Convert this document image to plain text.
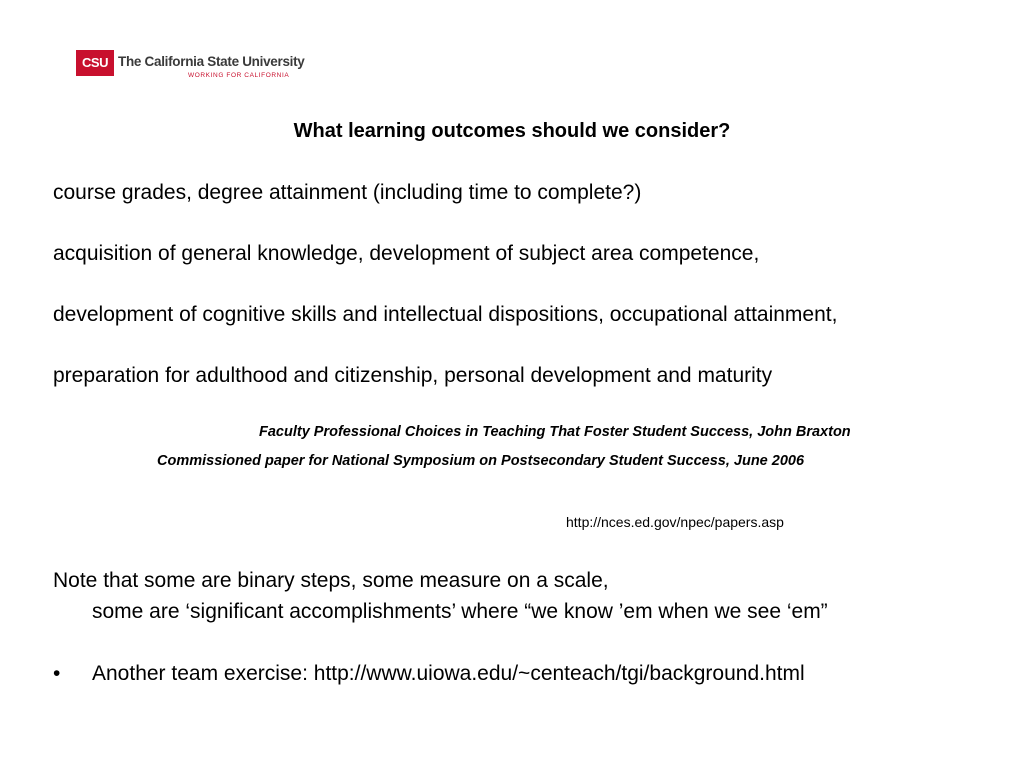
CSU The California State University
WORKING FOR CALIFORNIA
What learning outcomes should we consider?
course grades, degree attainment (including time to complete?)
acquisition of general knowledge, development of subject area competence,
development of cognitive skills and intellectual dispositions, occupational attainment,
preparation for adulthood and citizenship, personal development and maturity
Faculty Professional Choices in Teaching That Foster Student Success, John Braxton
Commissioned paper for National Symposium on Postsecondary Student Success, June 2006
http://nces.ed.gov/npec/papers.asp
Note that some are binary steps, some measure on a scale,
some are ‘significant accomplishments’ where “we know ’em when we see ‘em”
• Another team exercise: http://www.uiowa.edu/~centeach/tgi/background.html
